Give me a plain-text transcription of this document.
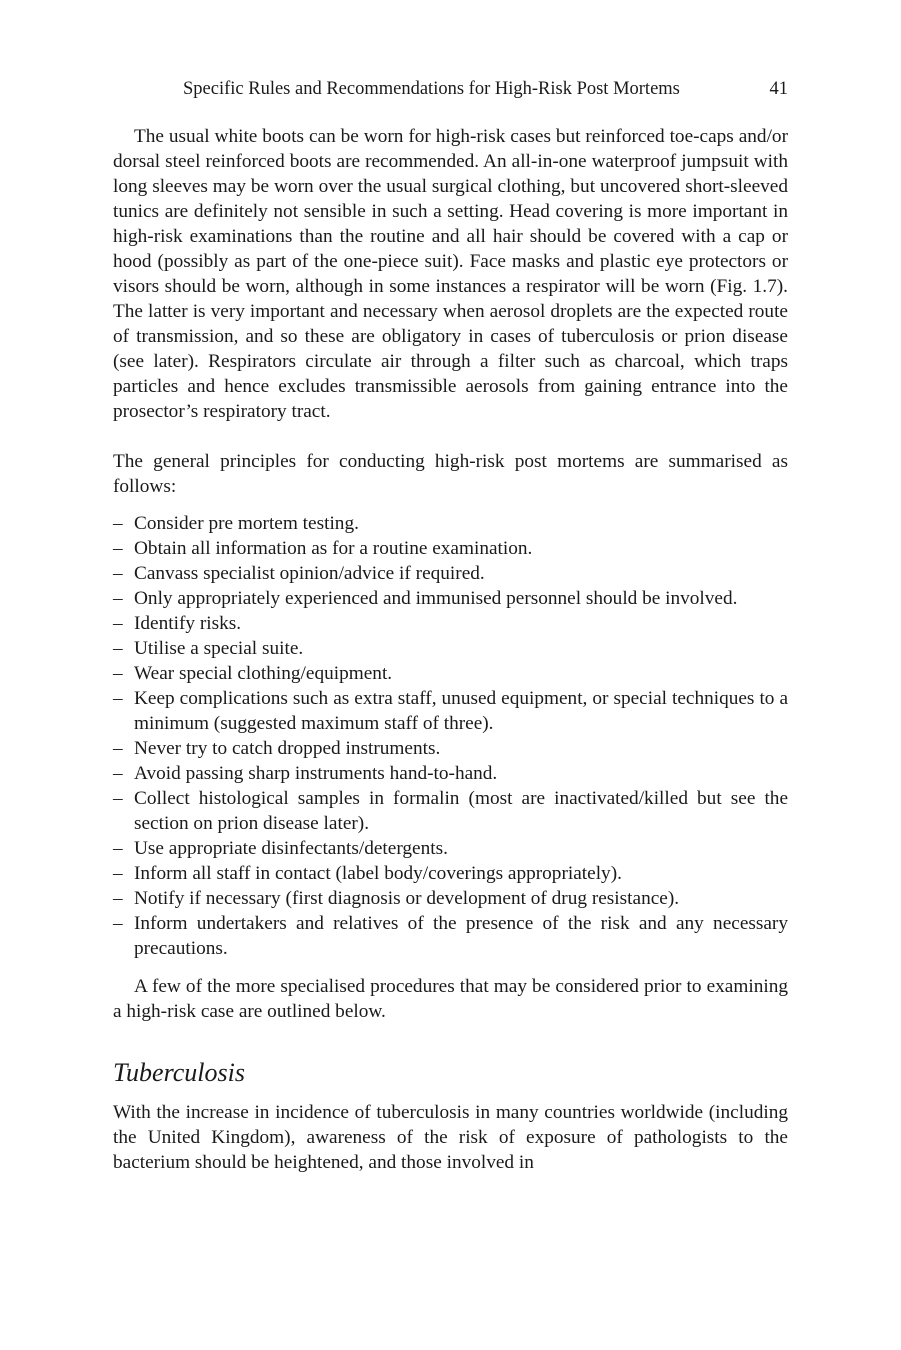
Specific Rules and Recommendations for High-Risk Post Mortems	41

The usual white boots can be worn for high-risk cases but reinforced toe-caps and/or dorsal steel reinforced boots are recommended. An all-in-one waterproof jumpsuit with long sleeves may be worn over the usual surgical clothing, but uncovered short-sleeved tunics are definitely not sensible in such a setting. Head covering is more important in high-risk examinations than the routine and all hair should be covered with a cap or hood (possibly as part of the one-piece suit). Face masks and plastic eye protectors or visors should be worn, although in some instances a respirator will be worn (Fig. 1.7). The latter is very important and necessary when aerosol droplets are the expected route of transmission, and so these are obligatory in cases of tuberculosis or prion disease (see later). Respirators circulate air through a filter such as charcoal, which traps particles and hence excludes transmissible aerosols from gaining entrance into the prosector’s respiratory tract.

The general principles for conducting high-risk post mortems are summarised as follows:

– Consider pre mortem testing.
– Obtain all information as for a routine examination.
– Canvass specialist opinion/advice if required.
– Only appropriately experienced and immunised personnel should be involved.
– Identify risks.
– Utilise a special suite.
– Wear special clothing/equipment.
– Keep complications such as extra staff, unused equipment, or special techniques to a minimum (suggested maximum staff of three).
– Never try to catch dropped instruments.
– Avoid passing sharp instruments hand-to-hand.
– Collect histological samples in formalin (most are inactivated/killed but see the section on prion disease later).
– Use appropriate disinfectants/detergents.
– Inform all staff in contact (label body/coverings appropriately).
– Notify if necessary (first diagnosis or development of drug resistance).
– Inform undertakers and relatives of the presence of the risk and any necessary precautions.

A few of the more specialised procedures that may be considered prior to examining a high-risk case are outlined below.

Tuberculosis

With the increase in incidence of tuberculosis in many countries worldwide (including the United Kingdom), awareness of the risk of exposure of pathologists to the bacterium should be heightened, and those involved in
